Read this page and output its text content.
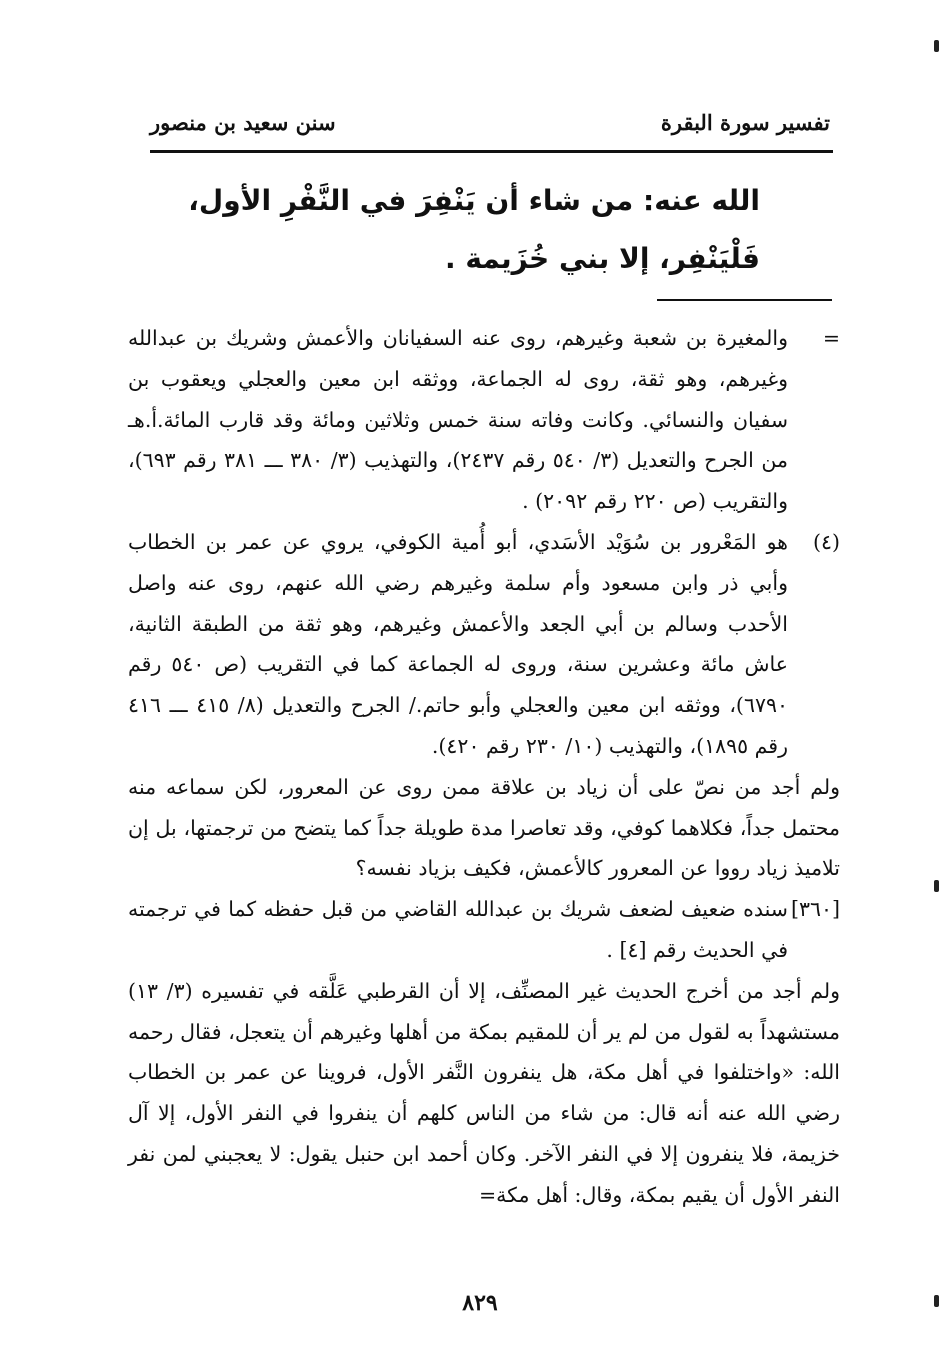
تفسير سورة البقرة
سنن سعيد بن منصور
الله عنه: من شاء أن يَنْفِرَ في النَّفْرِ الأول، فَلْيَنْفِر، إلا بني خُزَيمة .

=
والمغيرة بن شعبة وغيرهم، روى عنه السفيانان والأعمش وشريك بن عبدالله وغيرهم، وهو ثقة، روى له الجماعة، ووثقه ابن معين والعجلي ويعقوب بن سفيان والنسائي. وكانت وفاته سنة خمس وثلاثين ومائة وقد قارب المائة.أ.هـ من الجرح والتعديل (٣/ ٥٤٠ رقم ٢٤٣٧)، والتهذيب (٣/ ٣٨٠ ـــ ٣٨١ رقم ٦٩٣)، والتقريب (ص ٢٢٠ رقم ٢٠٩٢) .

(٤)
هو المَعْرور بن سُوَيْد الأسَدي، أبو أُمية الكوفي، يروي عن عمر بن الخطاب وأبي ذر وابن مسعود وأم سلمة وغيرهم رضي الله عنهم، روى عنه واصل الأحدب وسالم بن أبي الجعد والأعمش وغيرهم، وهو ثقة من الطبقة الثانية، عاش مائة وعشرين سنة، وروى له الجماعة كما في التقريب (ص ٥٤٠ رقم ٦٧٩٠)، ووثقه ابن معين والعجلي وأبو حاتم./ الجرح والتعديل (٨/ ٤١٥ ـــ ٤١٦ رقم ١٨٩٥)، والتهذيب (١٠/ ٢٣٠ رقم ٤٢٠).

ولم أجد من نصّ على أن زياد بن علاقة ممن روى عن المعرور، لكن سماعه منه محتمل جداً، فكلاهما كوفي، وقد تعاصرا مدة طويلة جداً كما يتضح من ترجمتها، بل إن تلاميذ زياد رووا عن المعرور كالأعمش، فكيف بزياد نفسه؟

[٣٦٠]
سنده ضعيف لضعف شريك بن عبدالله القاضي من قبل حفظه كما في ترجمته في الحديث رقم [٤] .

ولم أجد من أخرج الحديث غير المصنِّف، إلا أن القرطبي عَلَّقه في تفسيره (٣/ ١٣) مستشهداً به لقول من لم ير أن للمقيم بمكة من أهلها وغيرهم أن يتعجل، فقال رحمه الله: «واختلفوا في أهل مكة، هل ينفرون النَّفر الأول، فروينا عن عمر بن الخطاب رضي الله عنه أنه قال: من شاء من الناس كلهم أن ينفروا في النفر الأول، إلا آل خزيمة، فلا ينفرون إلا في النفر الآخر. وكان أحمد ابن حنبل يقول: لا يعجبني لمن نفر النفر الأول أن يقيم بمكة، وقال: أهل مكة=

٨٢٩
